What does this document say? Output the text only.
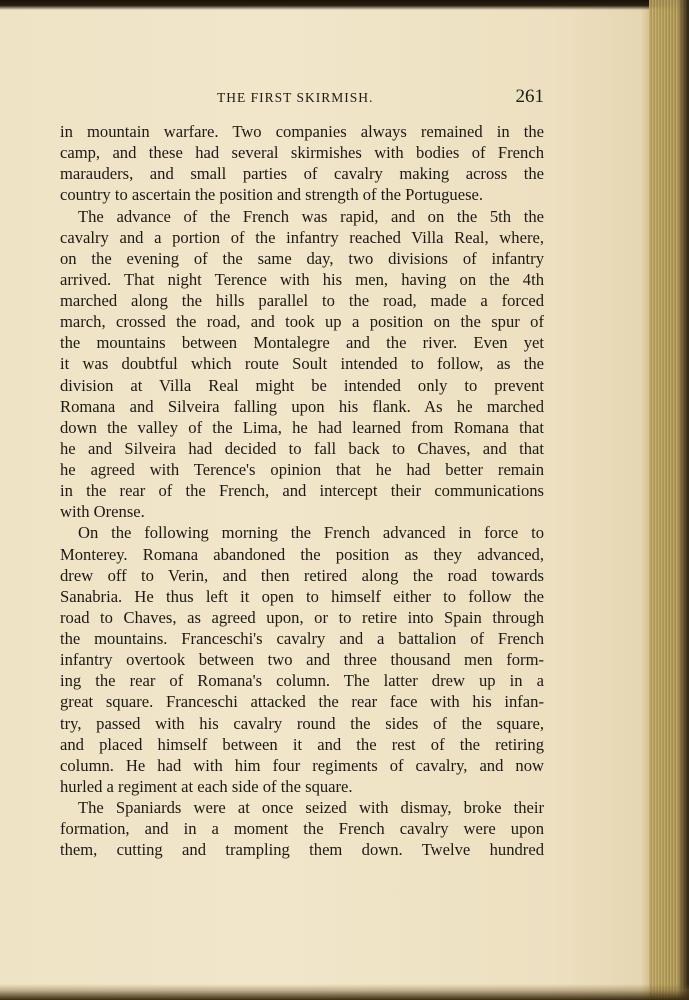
THE FIRST SKIRMISH.	261
in mountain warfare. Two companies always remained in the
camp, and these had several skirmishes with bodies of French
marauders, and small parties of cavalry making across the
country to ascertain the position and strength of the Portuguese.
The advance of the French was rapid, and on the 5th the
cavalry and a portion of the infantry reached Villa Real, where,
on the evening of the same day, two divisions of infantry
arrived. That night Terence with his men, having on the 4th
marched along the hills parallel to the road, made a forced
march, crossed the road, and took up a position on the spur of
the mountains between Montalegre and the river. Even yet
it was doubtful which route Soult intended to follow, as the
division at Villa Real might be intended only to prevent
Romana and Silveira falling upon his flank. As he marched
down the valley of the Lima, he had learned from Romana that
he and Silveira had decided to fall back to Chaves, and that
he agreed with Terence's opinion that he had better remain
in the rear of the French, and intercept their communications
with Orense.
On the following morning the French advanced in force to
Monterey. Romana abandoned the position as they advanced,
drew off to Verin, and then retired along the road towards
Sanabria. He thus left it open to himself either to follow the
road to Chaves, as agreed upon, or to retire into Spain through
the mountains. Franceschi's cavalry and a battalion of French
infantry overtook between two and three thousand men form-
ing the rear of Romana's column. The latter drew up in a
great square. Franceschi attacked the rear face with his infan-
try, passed with his cavalry round the sides of the square,
and placed himself between it and the rest of the retiring
column. He had with him four regiments of cavalry, and now
hurled a regiment at each side of the square.
The Spaniards were at once seized with dismay, broke their
formation, and in a moment the French cavalry were upon
them, cutting and trampling them down. Twelve hundred
